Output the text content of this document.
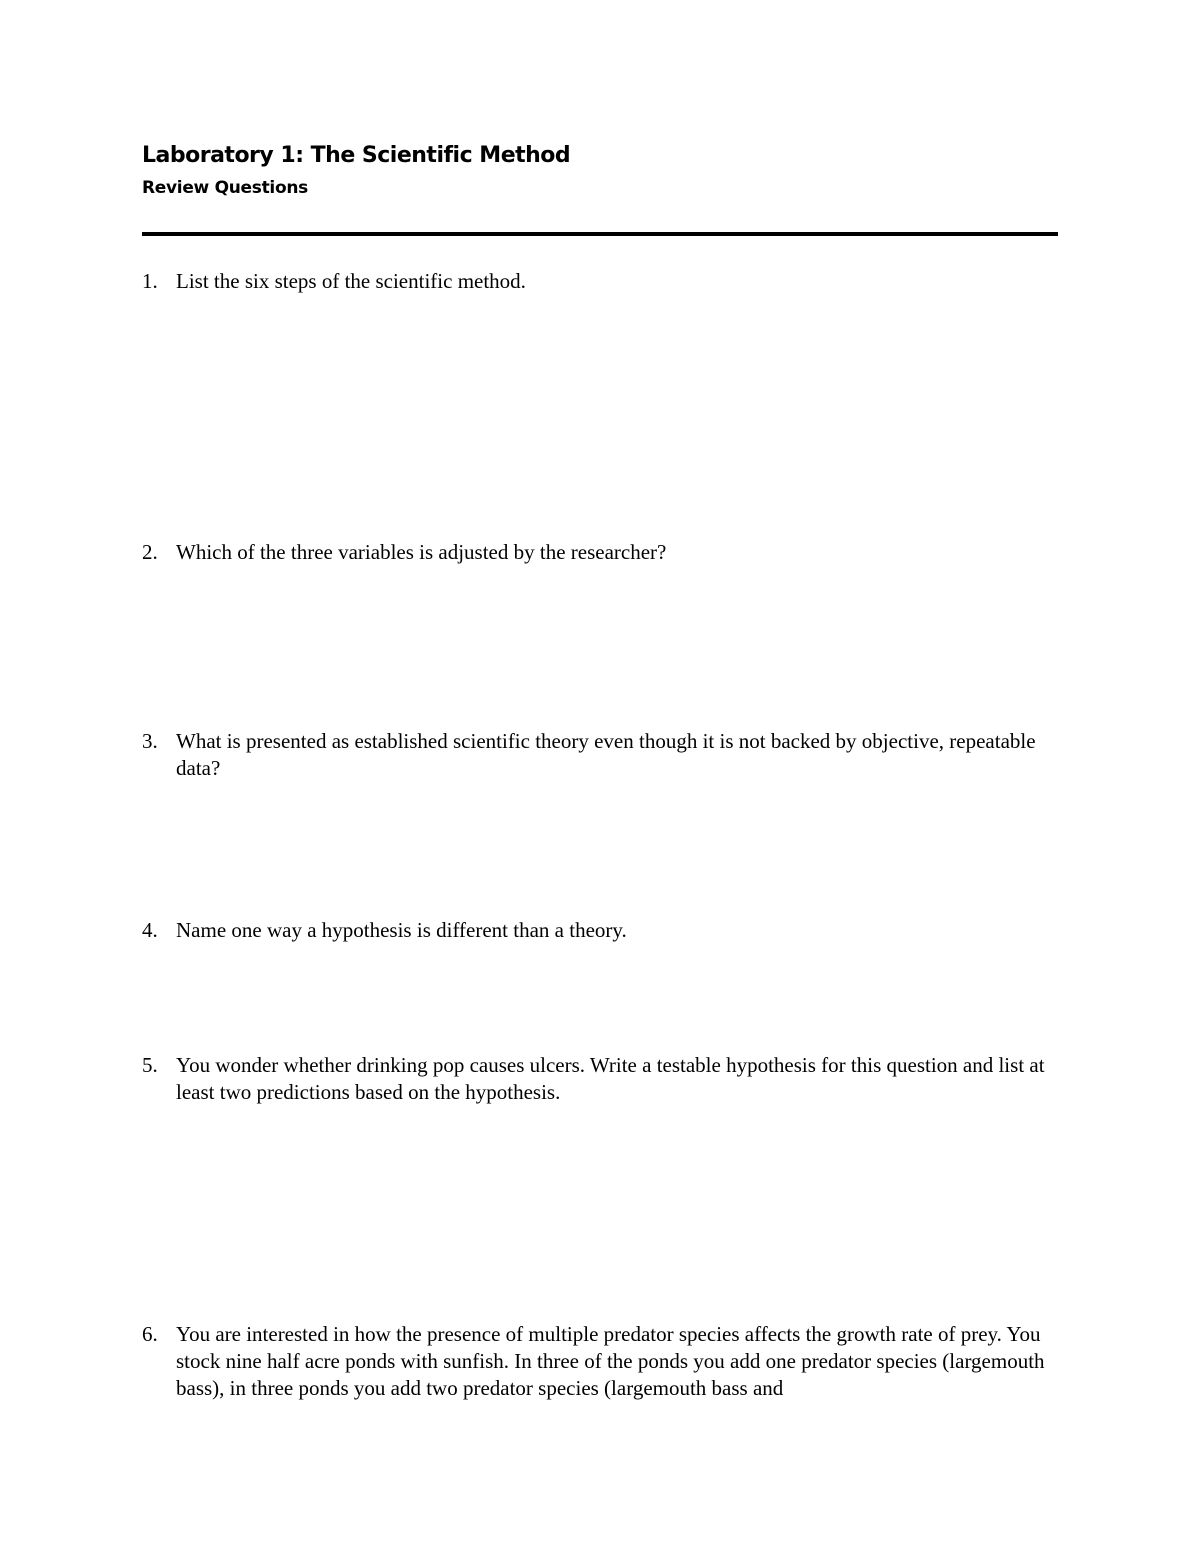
Laboratory 1: The Scientific Method
Review Questions
1. List the six steps of the scientific method.
2. Which of the three variables is adjusted by the researcher?
3. What is presented as established scientific theory even though it is not backed by objective, repeatable data?
4. Name one way a hypothesis is different than a theory.
5. You wonder whether drinking pop causes ulcers. Write a testable hypothesis for this question and list at least two predictions based on the hypothesis.
6. You are interested in how the presence of multiple predator species affects the growth rate of prey. You stock nine half acre ponds with sunfish. In three of the ponds you add one predator species (largemouth bass), in three ponds you add two predator species (largemouth bass and
